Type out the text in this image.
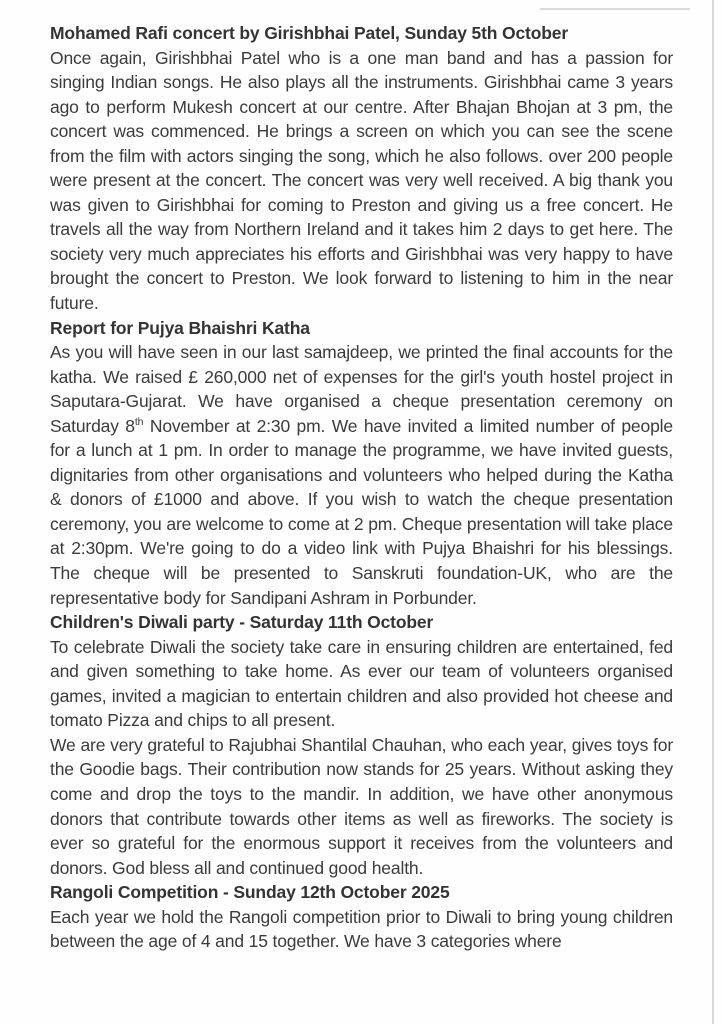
Mohamed Rafi concert by Girishbhai Patel, Sunday 5th October

Once again, Girishbhai Patel who is a one man band and has a passion for singing Indian songs. He also plays all the instruments. Girishbhai came 3 years ago to perform Mukesh concert at our centre. After Bhajan Bhojan at 3 pm, the concert was commenced. He brings a screen on which you can see the scene from the film with actors singing the song, which he also follows. over 200 people were present at the concert. The concert was very well received. A big thank you was given to Girishbhai for coming to Preston and giving us a free concert. He travels all the way from Northern Ireland and it takes him 2 days to get here. The society very much appreciates his efforts and Girishbhai was very happy to have brought the concert to Preston. We look forward to listening to him in the near future.

Report for Pujya Bhaishri Katha

As you will have seen in our last samajdeep, we printed the final accounts for the katha. We raised £ 260,000 net of expenses for the girl's youth hostel project in Saputara-Gujarat. We have organised a cheque presentation ceremony on Saturday 8th November at 2:30 pm. We have invited a limited number of people for a lunch at 1 pm. In order to manage the programme, we have invited guests, dignitaries from other organisations and volunteers who helped during the Katha & donors of £1000 and above. If you wish to watch the cheque presentation ceremony, you are welcome to come at 2 pm. Cheque presentation will take place at 2:30pm. We're going to do a video link with Pujya Bhaishri for his blessings. The cheque will be presented to Sanskruti foundation-UK, who are the representative body for Sandipani Ashram in Porbunder.

Children's Diwali party - Saturday 11th October

To celebrate Diwali the society take care in ensuring children are entertained, fed and given something to take home. As ever our team of volunteers organised games, invited a magician to entertain children and also provided hot cheese and tomato Pizza and chips to all present.

We are very grateful to Rajubhai Shantilal Chauhan, who each year, gives toys for the Goodie bags. Their contribution now stands for 25 years. Without asking they come and drop the toys to the mandir. In addition, we have other anonymous donors that contribute towards other items as well as fireworks. The society is ever so grateful for the enormous support it receives from the volunteers and donors. God bless all and continued good health.

Rangoli Competition - Sunday 12th October 2025

Each year we hold the Rangoli competition prior to Diwali to bring young children between the age of 4 and 15 together. We have 3 categories where
